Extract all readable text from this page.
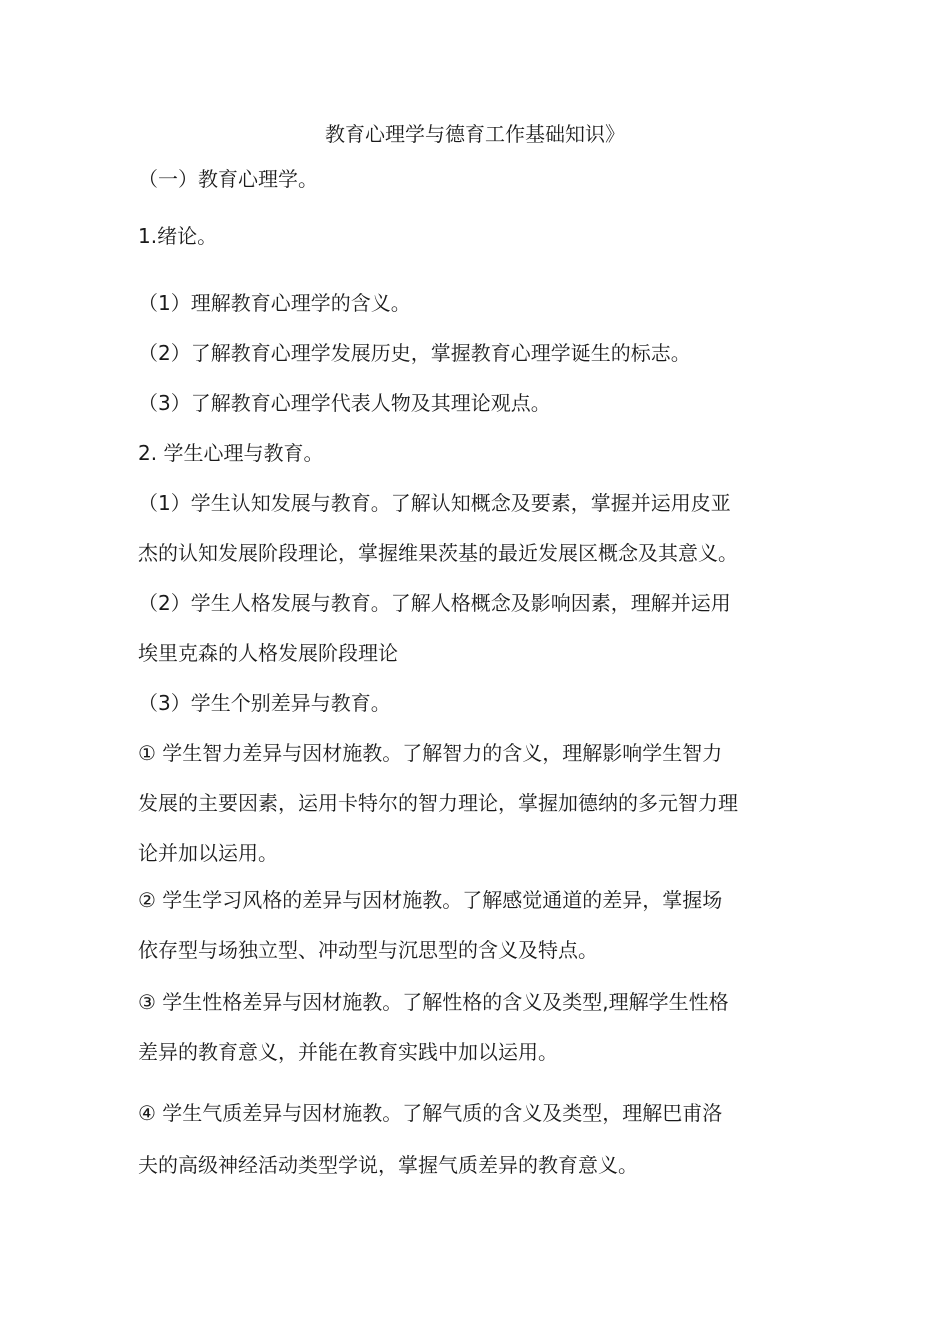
教育心理学与德育工作基础知识》

（一）教育心理学。

1.绪论。

（1）理解教育心理学的含义。

（2）了解教育心理学发展历史，掌握教育心理学诞生的标志。

（3）了解教育心理学代表人物及其理论观点。

2. 学生心理与教育。

（1）学生认知发展与教育。了解认知概念及要素，掌握并运用皮亚

杰的认知发展阶段理论，掌握维果茨基的最近发展区概念及其意义。

（2）学生人格发展与教育。了解人格概念及影响因素，理解并运用

埃里克森的人格发展阶段理论

（3）学生个别差异与教育。

① 学生智力差异与因材施教。了解智力的含义，理解影响学生智力

发展的主要因素，运用卡特尔的智力理论，掌握加德纳的多元智力理

论并加以运用。

② 学生学习风格的差异与因材施教。了解感觉通道的差异，掌握场

依存型与场独立型、冲动型与沉思型的含义及特点。

③ 学生性格差异与因材施教。了解性格的含义及类型,理解学生性格

差异的教育意义，并能在教育实践中加以运用。

④ 学生气质差异与因材施教。了解气质的含义及类型，理解巴甫洛

夫的高级神经活动类型学说，掌握气质差异的教育意义。
